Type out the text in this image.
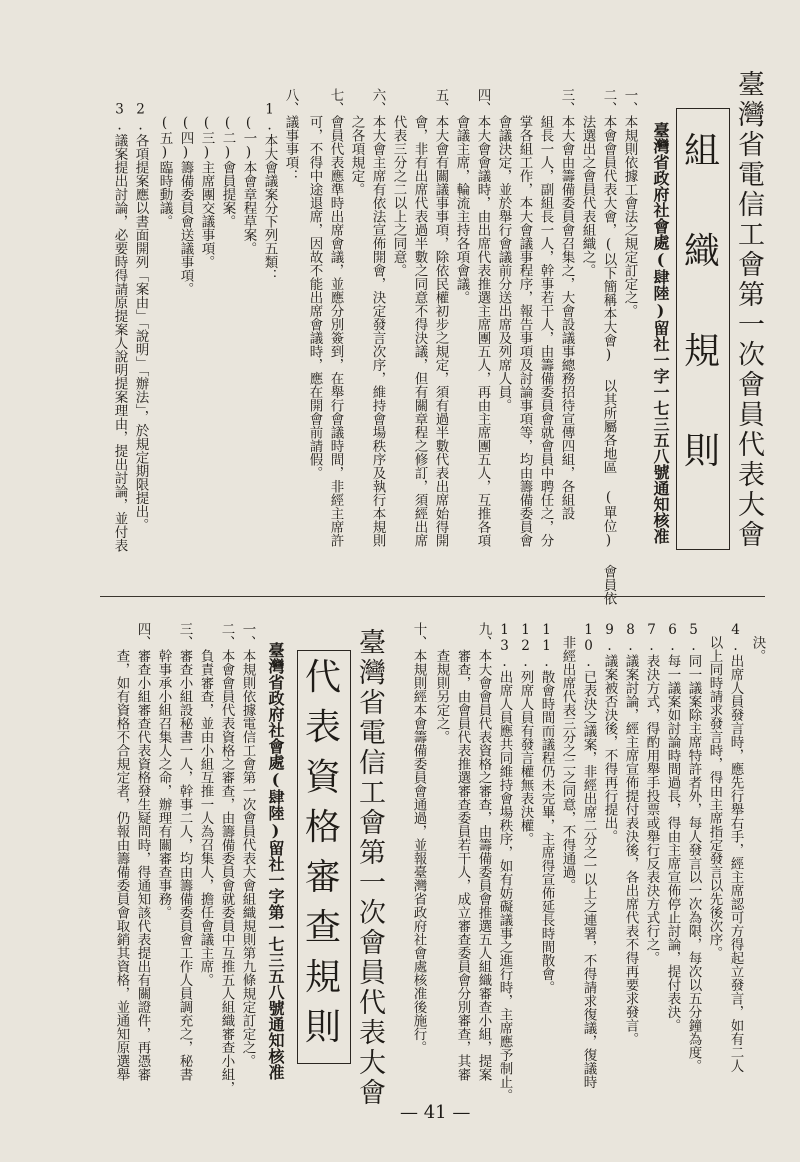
臺灣省電信工會第一次會員代表大會
組
織
規
則
臺灣省政府社會處(肆陸)留社一字一七三五八號通知核准
一、本規則依據工會法之規定訂定之。
二、本會會員代表大會，(以下簡稱本大會) 以其所屬各地區 (單位) 會員依
　　法選出之會員代表組織之。
三、本大會由籌備委員會召集之，大會設議事總務招待宣傳四組，各組設
　　組長一人，副組長一人，幹事若干人，由籌備委員會就會員中聘任之，分
　　掌各組工作，本大會議事程序，報告事項及討論事項等，均由籌備委員會
　　會議決定，並於舉行會議前分送出席及列席人員。
四、本大會會議時，由出席代表推選主席團五人，再由主席團五人，互推各項
　　會議主席，輪流主持各項會議。
五、本大會有關議事事項，除依民權初步之規定，須有過半數代表出席始得開
　　會，非有出席代表過半數之同意不得決議，但有關章程之修訂，須經出席
　　代表三分之二以上之同意。
六、本大會主席有依法宣佈開會，決定發言次序，維持會場秩序及執行本規則
　　之各項規定。
七、會員代表應準時出席會議，並應分別簽到，在舉行會議時間，非經主席許
　　可，不得中途退席，因故不能出席會議時，應在開會前請假。
八、議事事項：
　1.本大會議案分下列五類：
　　(一)本會章程草案。
　　(二)會員提案。
　　(三)主席團交議事項。
　　(四)籌備委員會送議事項。
　　(五)臨時動議。
　2.各項提案應以書面開列「案由」「說明」「辦法」，於規定期限提出。
　3.議案提出討論，必要時得請原提案人說明提案理由，提出討論，並付表
　決。
4.出席人員發言時，應先行舉右手，經主席認可方得起立發言，如有二人
　以上同時請求發言時，得由主席指定發言以先後次序。
5.同一議案除主席特許者外，每人發言以一次為限，每次以五分鐘為度。
6.每一議案如討論時間過長，得由主席宣佈停止討論，提付表決。
7.表決方式，得酌用舉手投票或舉行反表決方式行之。
8.議案討論，經主席宣佈提付表決後，各出席代表不得再要求發言。
9.議案被否決後，不得再行提出。
10.已表決之議案，非經出席二分之一以上之連署，不得請求復議，復議時
　非經出席代表三分之二之同意，不得通過。
11.散會時間而議程仍未完畢，主席得宣佈延長時間散會。
12.列席人員有發言權無表決權。
13.出席人員應共同維持會場秩序，如有妨礙議事之進行時，主席應予制止。
九、本大會會員代表資格之審查，由籌備委員會推選五人組織審查小組，提案
　　審查，由會員代表推選審查委員若干人，成立審查委員會分別審查，其審
　　查規則另定之。
十、本規則經本會籌備委員會通過，並報臺灣省政府社會處核准後施行。
臺灣省電信工會第一次會員代表大會
代
表
資
格
審
查
規
則
臺灣省政府社會處(肆陸)留社一字第一七三五八號通知核准
一、本規則依據電信工會第一次會員代表大會組織規則第九條規定訂定之。
二、本會會員代表資格之審查，由籌備委員會就委員中互推五人組織審查小組，
　　負責審查，並由小組互推一人為召集人，擔任會議主席。
三、審查小組設秘書一人，幹事二人，均由籌備委員會工作人員調充之，秘書
　　幹事承小組召集人之命，辦理有關審查事務。
四、審查小組審查代表資格發生疑問時，得通知該代表提出有關證件，再憑審
　　查，如有資格不合規定者，仍報由籌備委員會取銷其資格，並通知原選舉
— 41 —
